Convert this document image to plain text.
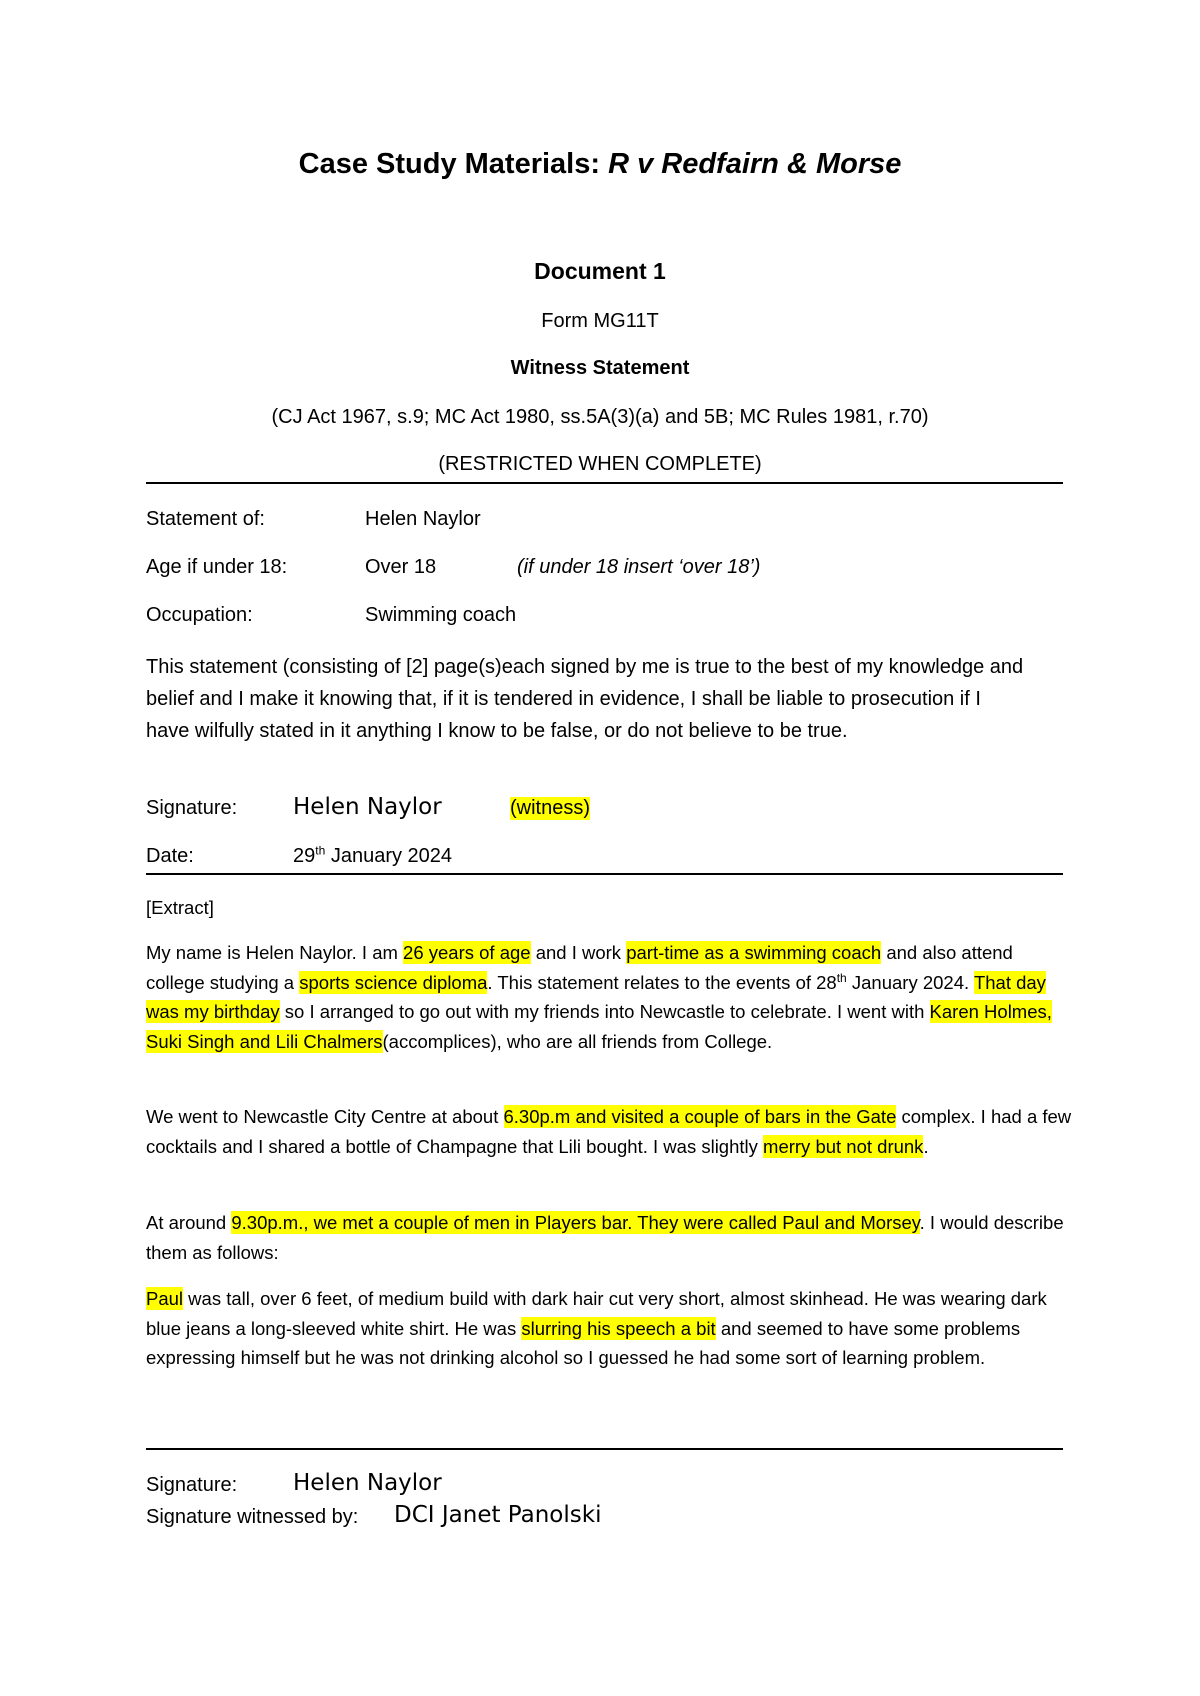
Case Study Materials: R v Redfairn & Morse
Document 1
Form MG11T
Witness Statement
(CJ Act 1967, s.9; MC Act 1980, ss.5A(3)(a) and 5B; MC Rules 1981, r.70)
(RESTRICTED WHEN COMPLETE)
Statement of:	Helen Naylor
Age if under 18:	Over 18	(if under 18 insert ‘over 18’)
Occupation:	Swimming coach
This statement (consisting of [2] page(s)each signed by me is true to the best of my knowledge and belief and I make it knowing that, if it is tendered in evidence, I shall be liable to prosecution if I have wilfully stated in it anything I know to be false, or do not believe to be true.
Signature: Helen Naylor	(witness)
Date:	29th January 2024
[Extract]
My name is Helen Naylor. I am 26 years of age and I work part-time as a swimming coach and also attend college studying a sports science diploma. This statement relates to the events of 28th January 2024. That day was my birthday so I arranged to go out with my friends into Newcastle to celebrate. I went with Karen Holmes, Suki Singh and Lili Chalmers(accomplices), who are all friends from College.
We went to Newcastle City Centre at about 6.30p.m and visited a couple of bars in the Gate complex. I had a few cocktails and I shared a bottle of Champagne that Lili bought. I was slightly merry but not drunk.
At around 9.30p.m., we met a couple of men in Players bar. They were called Paul and Morsey. I would describe them as follows:
Paul was tall, over 6 feet, of medium build with dark hair cut very short, almost skinhead. He was wearing dark blue jeans a long-sleeved white shirt. He was slurring his speech a bit and seemed to have some problems expressing himself but he was not drinking alcohol so I guessed he had some sort of learning problem.
Signature: Helen Naylor
Signature witnessed by: DCI Janet Panolski
